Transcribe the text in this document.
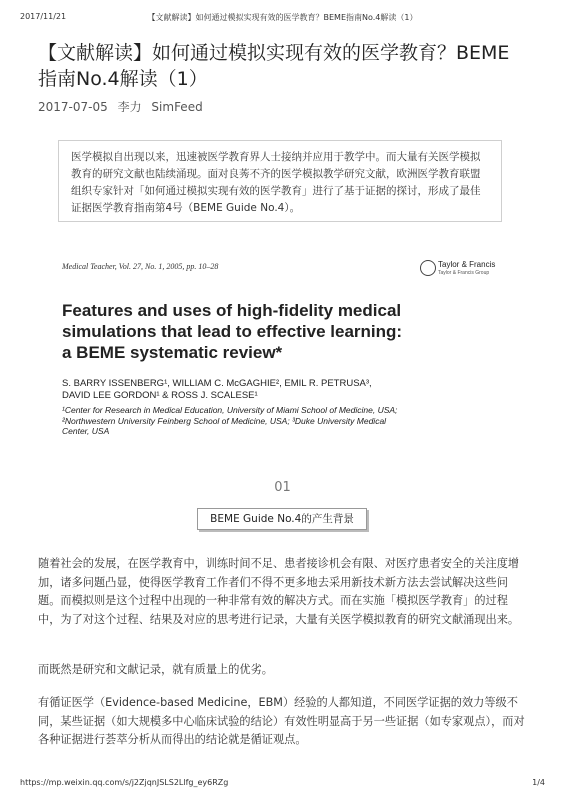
2017/11/21	【文献解读】如何通过模拟实现有效的医学教育？BEME指南No.4解读（1）
【文献解读】如何通过模拟实现有效的医学教育？BEME指南No.4解读（1）
2017-07-05 李力 SimFeed
医学模拟自出现以来，迅速被医学教育界人士接纳并应用于教学中。而大量有关医学模拟教育的研究文献也陆续涌现。面对良莠不齐的医学模拟教学研究文献，欧洲医学教育联盟组织专家针对「如何通过模拟实现有效的医学教育」进行了基于证据的探讨，形成了最佳证据医学教育指南第4号（BEME Guide No.4）。
Medical Teacher, Vol. 27, No. 1, 2005, pp. 10–28	Taylor & Francis
Taylor & Francis Group
Features and uses of high-fidelity medical
simulations that lead to effective learning:
a BEME systematic review*
S. BARRY ISSENBERG¹, WILLIAM C. McGAGHIE², EMIL R. PETRUSA³,
DAVID LEE GORDON¹ & ROSS J. SCALESE¹
¹Center for Research in Medical Education, University of Miami School of Medicine, USA;
²Northwestern University Feinberg School of Medicine, USA; ³Duke University Medical
Center, USA
01
BEME Guide No.4的产生背景

随着社会的发展，在医学教育中，训练时间不足、患者接诊机会有限、对医疗患者安全的关注度增加，诸多问题凸显，使得医学教育工作者们不得不更多地去采用新技术新方法去尝试解决这些问题。而模拟则是这个过程中出现的一种非常有效的解决方式。而在实施「模拟医学教育」的过程中，为了对这个过程、结果及对应的思考进行记录，大量有关医学模拟教育的研究文献涌现出来。

而既然是研究和文献记录，就有质量上的优劣。

有循证医学（Evidence-based Medicine，EBM）经验的人都知道，不同医学证据的效力等级不同，某些证据（如大规模多中心临床试验的结论）有效性明显高于另一些证据（如专家观点），而对各种证据进行荟萃分析从而得出的结论就是循证观点。

https://mp.weixin.qq.com/s/j2ZjqnJSLS2Llfg_ey6RZg	1/4
